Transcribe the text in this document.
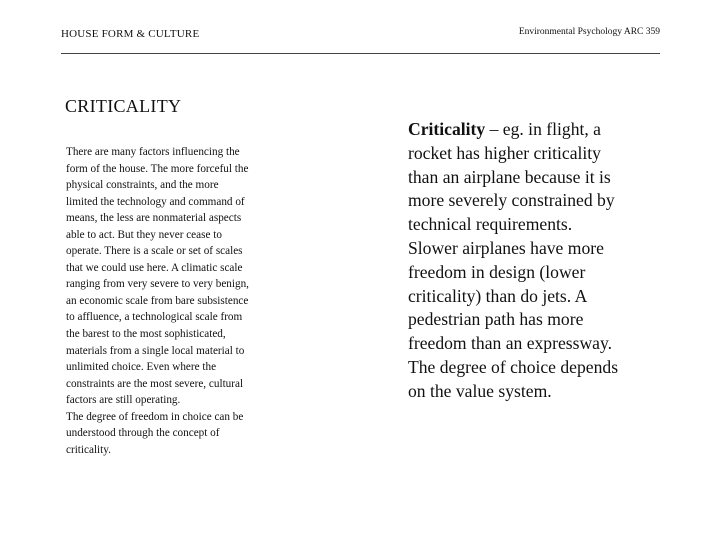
HOUSE FORM & CULTURE	Environmental Psychology ARC 359
CRITICALITY
There are many factors influencing the
form of the house. The more forceful the
physical constraints, and the more
limited the technology and command of
means, the less are nonmaterial aspects
able to act. But they never cease to
operate. There is a scale or set of scales
that we could use here. A climatic scale
ranging from very severe to very benign,
an economic scale from bare subsistence
to affluence, a technological scale from
the barest to the most sophisticated,
materials from a single local material to
unlimited choice. Even where the
constraints are the most severe, cultural
factors are still operating.
The degree of freedom in choice can be
understood through the concept of
criticality.
Criticality – eg. in flight, a
rocket has higher criticality
than an airplane because it is
more severely constrained by
technical requirements.
Slower airplanes have more
freedom in design (lower
criticality) than do jets. A
pedestrian path has more
freedom than an expressway.
The degree of choice depends
on the value system.
